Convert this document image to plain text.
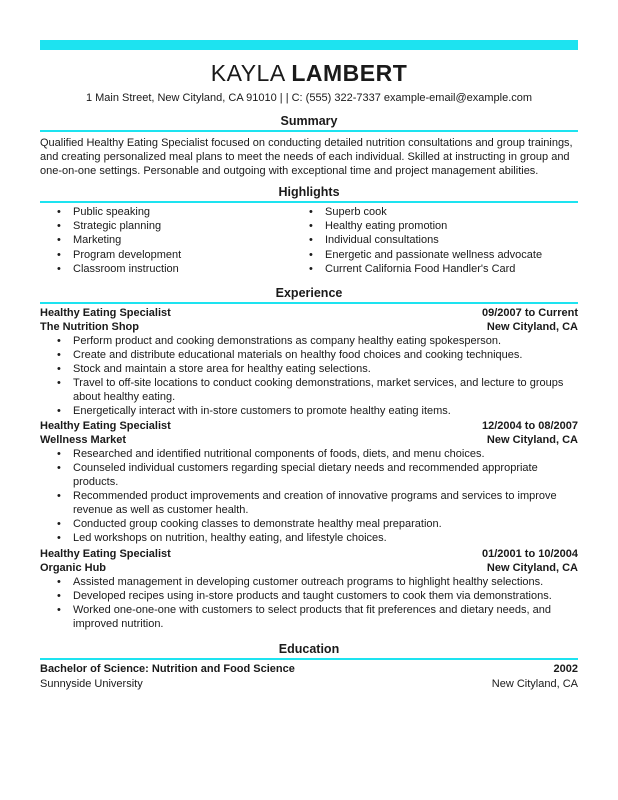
KAYLA LAMBERT
1 Main Street, New Cityland, CA 91010 | | C: (555) 322-7337 example-email@example.com
Summary
Qualified Healthy Eating Specialist focused on conducting detailed nutrition consultations and group trainings, and creating personalized meal plans to meet the needs of each individual. Skilled at instructing in group and one-on-one settings. Personable and outgoing with exceptional time and project management abilities.
Highlights
• Public speaking
• Strategic planning
• Marketing
• Program development
• Classroom instruction
• Superb cook
• Healthy eating promotion
• Individual consultations
• Energetic and passionate wellness advocate
• Current California Food Handler's Card
Experience
Healthy Eating Specialist	09/2007 to Current
The Nutrition Shop	New Cityland, CA
• Perform product and cooking demonstrations as company healthy eating spokesperson.
• Create and distribute educational materials on healthy food choices and cooking techniques.
• Stock and maintain a store area for healthy eating selections.
• Travel to off-site locations to conduct cooking demonstrations, market services, and lecture to groups about healthy eating.
• Energetically interact with in-store customers to promote healthy eating items.
Healthy Eating Specialist	12/2004 to 08/2007
Wellness Market	New Cityland, CA
• Researched and identified nutritional components of foods, diets, and menu choices.
• Counseled individual customers regarding special dietary needs and recommended appropriate products.
• Recommended product improvements and creation of innovative programs and services to improve revenue as well as customer health.
• Conducted group cooking classes to demonstrate healthy meal preparation.
• Led workshops on nutrition, healthy eating, and lifestyle choices.
Healthy Eating Specialist	01/2001 to 10/2004
Organic Hub	New Cityland, CA
• Assisted management in developing customer outreach programs to highlight healthy selections.
• Developed recipes using in-store products and taught customers to cook them via demonstrations.
• Worked one-one-one with customers to select products that fit preferences and dietary needs, and improved nutrition.
Education
Bachelor of Science: Nutrition and Food Science	2002
Sunnyside University	New Cityland, CA
